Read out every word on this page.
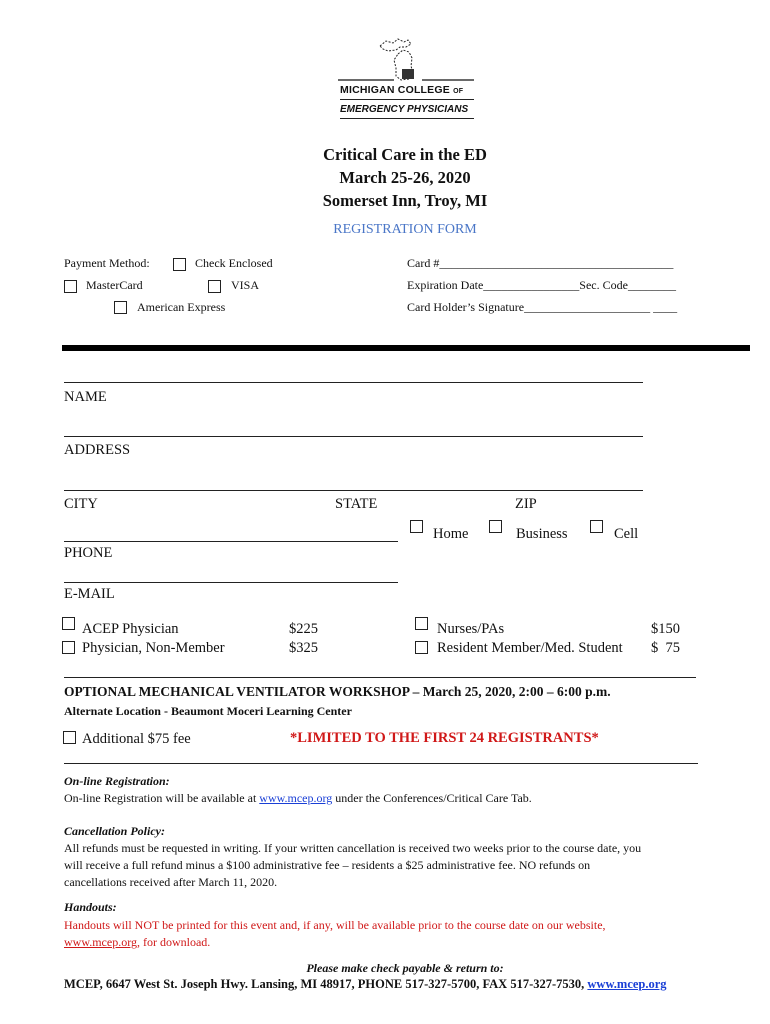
MICHIGAN COLLEGE OF
EMERGENCY PHYSICIANS
Critical Care in the ED
March 25-26, 2020
Somerset Inn, Troy, MI
REGISTRATION FORM
Payment Method:	Check Enclosed
MasterCard	VISA
American Express
Card #_______________________________________
Expiration Date________________Sec. Code________
Card Holder’s Signature_____________________ ____
NAME
ADDRESS
CITY	STATE	ZIP
Home	Business	Cell
PHONE
E-MAIL
ACEP Physician	$225
Physician, Non-Member	$325
Nurses/PAs	$150
Resident Member/Med. Student $  75
OPTIONAL MECHANICAL VENTILATOR WORKSHOP – March 25, 2020, 2:00 – 6:00 p.m.
Alternate Location - Beaumont Moceri Learning Center
Additional $75 fee	*LIMITED TO THE FIRST 24 REGISTRANTS*
On-line Registration:
On-line Registration will be available at www.mcep.org under the Conferences/Critical Care Tab.
Cancellation Policy:
All refunds must be requested in writing. If your written cancellation is received two weeks prior to the course date, you
will receive a full refund minus a $100 administrative fee – residents a $25 administrative fee. NO refunds on
cancellations received after March 11, 2020.
Handouts:
Handouts will NOT be printed for this event and, if any, will be available prior to the course date on our website,
www.mcep.org, for download.
Please make check payable & return to:
MCEP, 6647 West St. Joseph Hwy. Lansing, MI 48917, PHONE 517-327-5700, FAX 517-327-7530, www.mcep.org
